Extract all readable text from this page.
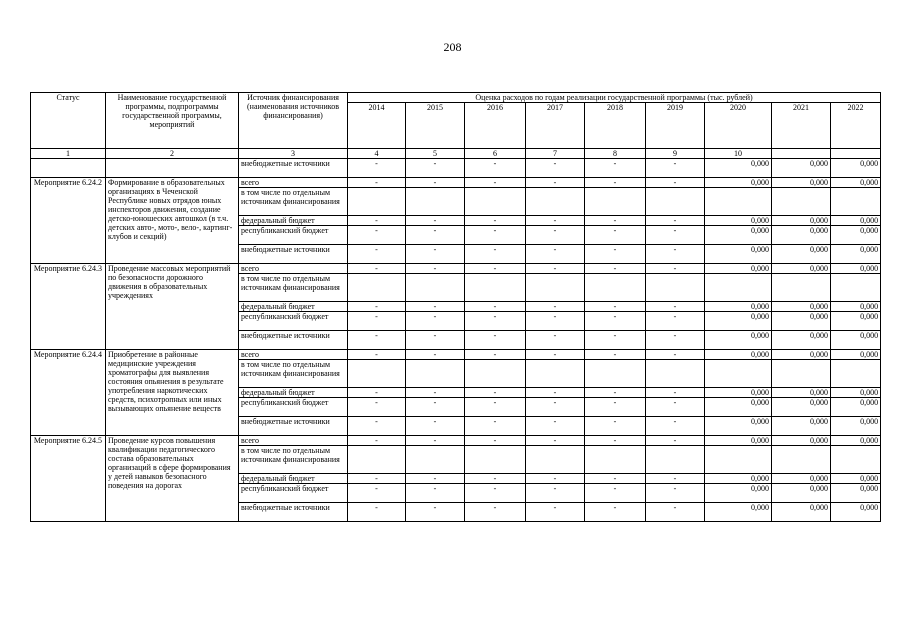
208
Статус	Наименование государственной программы, подпрограммы государственной программы, мероприятий	Источник финансирования (наименования источников финансирования)	Оценка расходов по годам реализации государственной программы (тыс. рублей)								
			2014	2015	2016	2017	2018	2019	2020	2021	2022
1	2	3	4	5	6	7	8	9	10		
		внебюджетные источники	-	-	-	-	-	-	0,000	0,000	0,000
Мероприятие 6.24.2	Формирование в образовательных организациях в Чеченской Республике новых отрядов юных инспекторов движения, создание детско-юношеских автошкол (в т.ч. детских авто-, мото-, вело-, картинг-клубов и секций)	всего	-	-	-	-	-	-	0,000	0,000	0,000
		в том числе по отдельным источникам финансирования									
		федеральный бюджет	-	-	-	-	-	-	0,000	0,000	0,000
		республиканский бюджет	-	-	-	-	-	-	0,000	0,000	0,000
		внебюджетные источники	-	-	-	-	-	-	0,000	0,000	0,000
Мероприятие 6.24.3	Проведение массовых мероприятий по безопасности дорожного движения в образовательных учреждениях	всего	-	-	-	-	-	-	0,000	0,000	0,000
		в том числе по отдельным источникам финансирования									
		федеральный бюджет	-	-	-	-	-	-	0,000	0,000	0,000
		республиканский бюджет	-	-	-	-	-	-	0,000	0,000	0,000
		внебюджетные источники	-	-	-	-	-	-	0,000	0,000	0,000
Мероприятие 6.24.4	Приобретение в районные медицинские учреждения хроматографы для выявления состояния опьянения в результате употребления наркотических средств, психотропных или иных вызывающих опьянение веществ	всего	-	-	-	-	-	-	0,000	0,000	0,000
		в том числе по отдельным источникам финансирования									
		федеральный бюджет	-	-	-	-	-	-	0,000	0,000	0,000
		республиканский бюджет	-	-	-	-	-	-	0,000	0,000	0,000
		внебюджетные источники	-	-	-	-	-	-	0,000	0,000	0,000
Мероприятие 6.24.5	Проведение курсов повышения квалификации педагогического состава образовательных организаций в сфере формирования у детей навыков безопасного поведения на дорогах	всего	-	-	-	-	-	-	0,000	0,000	0,000
		в том числе по отдельным источникам финансирования									
		федеральный бюджет	-	-	-	-	-	-	0,000	0,000	0,000
		республиканский бюджет	-	-	-	-	-	-	0,000	0,000	0,000
		внебюджетные источники	-	-	-	-	-	-	0,000	0,000	0,000
